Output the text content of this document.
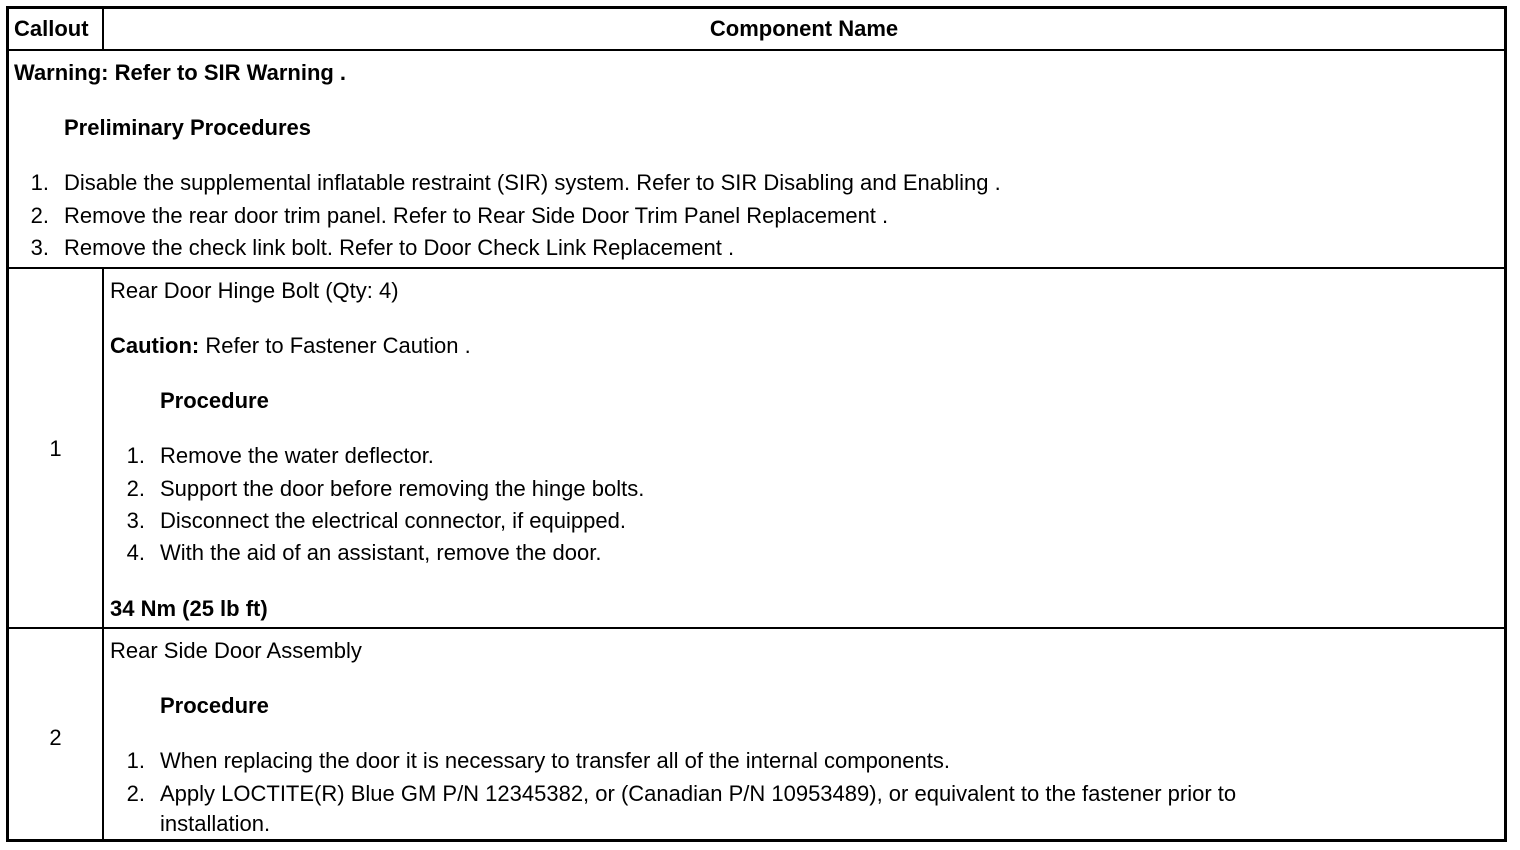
Callout	Component Name
Warning: Refer to SIR Warning .
Preliminary Procedures
1. Disable the supplemental inflatable restraint (SIR) system. Refer to SIR Disabling and Enabling .
2. Remove the rear door trim panel. Refer to Rear Side Door Trim Panel Replacement .
3. Remove the check link bolt. Refer to Door Check Link Replacement .
1
Rear Door Hinge Bolt (Qty: 4)
Caution: Refer to Fastener Caution .
Procedure
1. Remove the water deflector.
2. Support the door before removing the hinge bolts.
3. Disconnect the electrical connector, if equipped.
4. With the aid of an assistant, remove the door.
34 Nm (25 lb ft)
2
Rear Side Door Assembly
Procedure
1. When replacing the door it is necessary to transfer all of the internal components.
2. Apply LOCTITE(R) Blue GM P/N 12345382, or (Canadian P/N 10953489), or equivalent to the fastener prior to
installation.
